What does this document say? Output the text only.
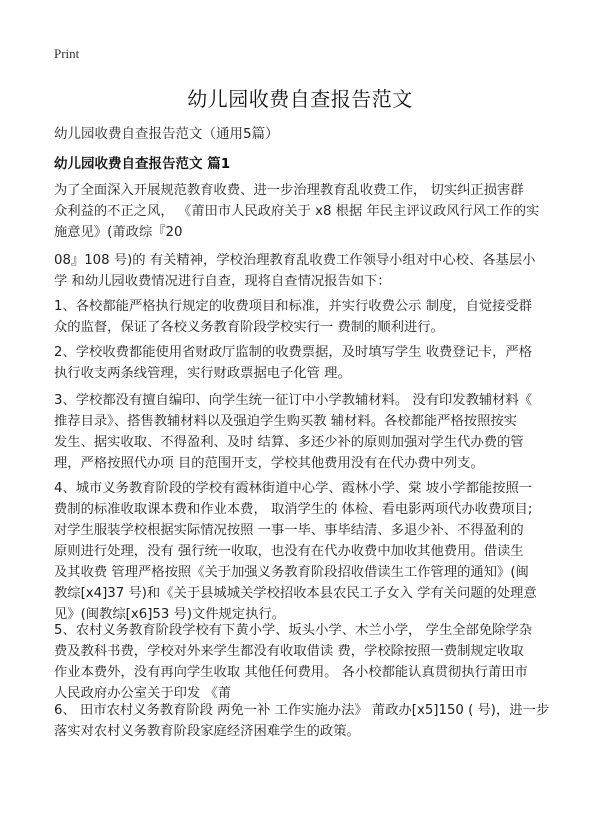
Print
幼儿园收费自查报告范文
幼儿园收费自查报告范文（通用5篇）
幼儿园收费自查报告范文 篇1
为了全面深入开展规范教育收费、进一步治理教育乱收费工作， 切实纠正损害群
众利益的不正之风， 《莆田市人民政府关于 x8 根据 年民主评议政风行风工作的实
施意见》(莆政综『20
08』108 号)的 有关精神，学校治理教育乱收费工作领导小组对中心校、各基层小
学 和幼儿园收费情况进行自查，现将自查情况报告如下：
1、各校都能严格执行规定的收费项目和标准，并实行收费公示 制度，自觉接受群
众的监督，保证了各校义务教育阶段学校实行一 费制的顺利进行。
2、学校收费都能使用省财政厅监制的收费票据，及时填写学生 收费登记卡，严格
执行收支两条线管理，实行财政票据电子化管 理。
3、学校都没有擅自编印、向学生统一征订中小学教辅材料。 没有印发教辅材料《
推荐目录》、搭售教辅材料以及强迫学生购买教 辅材料。各校都能严格按照按实
发生、据实收取、不得盈利、及时 结算、多还少补的原则加强对学生代办费的管
理，严格按照代办项 目的范围开支，学校其他费用没有在代办费中列支。
4、城市义务教育阶段的学校有霞林街道中心学、霞林小学、棠 坡小学都能按照一
费制的标准收取课本费和作业本费， 取消学生的 体检、看电影两项代办收费项目;
对学生服装学校根据实际情况按照 一事一毕、事毕结清、多退少补、不得盈利的
原则进行处理，没有 强行统一收取，也没有在代办收费中加收其他费用。借读生
及其收费 管理严格按照《关于加强义务教育阶段招收借读生工作管理的通知》(闽
教综[x4]37 号)和《关于县城城关学校招收本县农民工子女入 学有关问题的处理意
见》(闽教综[x6]53 号)文件规定执行。
5、农村义务教育阶段学校有下黄小学、坂头小学、木兰小学， 学生全部免除学杂
费及教科书费，学校对外来学生都没有收取借读 费，学校除按照一费制规定收取
作业本费外，没有再向学生收取 其他任何费用。 各小校都能认真贯彻执行莆田市
人民政府办公室关于印发 《莆
6、 田市农村义务教育阶段 两免一补 工作实施办法》 莆政办[x5]150 ( 号)，进一步
落实对农村义务教育阶段家庭经济困难学生的政策。
